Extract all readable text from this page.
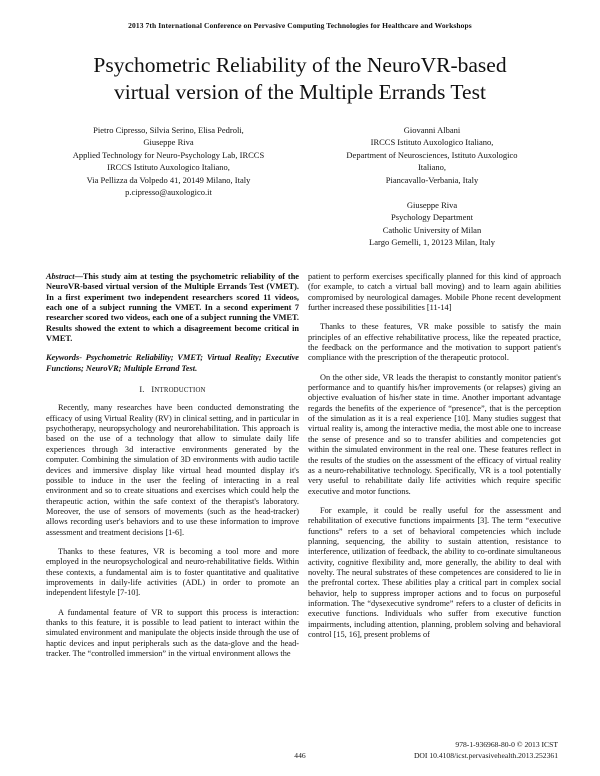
2013 7th International Conference on Pervasive Computing Technologies for Healthcare and Workshops
Psychometric Reliability of the NeuroVR-based
virtual version of the Multiple Errands Test
Pietro Cipresso, Silvia Serino, Elisa Pedroli,
Giuseppe Riva
Applied Technology for Neuro-Psychology Lab, IRCCS
IRCCS Istituto Auxologico Italiano,
Via Pellizza da Volpedo 41, 20149 Milano, Italy
p.cipresso@auxologico.it
Giovanni Albani
IRCCS Istituto Auxologico Italiano,
Department of Neurosciences, Istituto Auxologico
Italiano,
Piancavallo-Verbania, Italy
Giuseppe Riva
Psychology Department
Catholic University of Milan
Largo Gemelli, 1, 20123 Milan, Italy
Abstract—This study aim at testing the psychometric reliability of the NeuroVR-based virtual version of the Multiple Errands Test (VMET). In a first experiment two independent researchers scored 11 videos, each one of a subject running the VMET. In a second experiment 7 researcher scored two videos, each one of a subject running the VMET. Results showed the extent to which a disagreement become critical in VMET.
Keywords- Psychometric Reliability; VMET; Virtual Reality; Executive Functions; NeuroVR; Multiple Errand Test.
I. INTRODUCTION

Recently, many researches have been conducted demonstrating the efficacy of using Virtual Reality (RV) in clinical setting, and in particular in psychotherapy, neuropsychology and neurorehabilitation. This approach is based on the use of a technology that allow to simulate daily life experiences through 3d interactive environments generated by the computer. Combining the simulation of 3D environments with audio tactile devices and immersive display like virtual head mounted display it's possible to induce in the user the feeling of interacting in a real environment and so to create situations and exercises which could help the therapeutic action, within the safe context of the therapist's laboratory. Moreover, the use of sensors of movements (such as the head-tracker) allows recording user's behaviors and to use these information to improve assessment and treatment decisions [1-6].

Thanks to these features, VR is becoming a tool more and more employed in the neuropsychological and neuro-rehabilitative fields. Within these contexts, a fundamental aim is to foster quantitative and qualitative improvements in daily-life activities (ADL) in order to promote an independent lifestyle [7-10].

A fundamental feature of VR to support this process is interaction: thanks to this feature, it is possible to lead patient to interact within the simulated environment and manipulate the objects inside through the use of haptic devices and input peripherals such as the data-glove and the head-tracker. The “controlled immersion” in the virtual environment allows the

patient to perform exercises specifically planned for this kind of approach (for example, to catch a virtual ball moving) and to learn again abilities compromised by neurological damages. Mobile Phone recent development further increased these possibilities [11-14]

Thanks to these features, VR make possible to satisfy the main principles of an effective rehabilitative process, like the repeated practice, the feedback on the performance and the motivation to support patient's compliance with the prescription of the therapeutic protocol.

On the other side, VR leads the therapist to constantly monitor patient's performance and to quantify his/her improvements (or relapses) giving an objective evaluation of his/her state in time. Another important advantage regards the benefits of the experience of “presence”, that is the perception of the simulation as it is a real experience [10]. Many studies suggest that virtual reality is, among the interactive media, the most able one to increase the sense of presence and so to transfer abilities and competencies got within the simulated environment in the real one. These features reflect in the results of the studies on the assessment of the efficacy of virtual reality as a neuro-rehabilitative technology. Specifically, VR is a tool potentially very useful to rehabilitate daily life activities which require specific executive and motor functions.

For example, it could be really useful for the assessment and rehabilitation of executive functions impairments [3]. The term “executive functions” refers to a set of behavioral competencies which include planning, sequencing, the ability to sustain attention, resistance to interference, utilization of feedback, the ability to co-ordinate simultaneous activity, cognitive flexibility and, more generally, the ability to deal with novelty. The neural substrates of these competences are considered to lie in the prefrontal cortex. These abilities play a critical part in complex social behavior, help to suppress improper actions and to focus on purposeful information. The “dysexecutive syndrome” refers to a cluster of deficits in executive functions. Individuals who suffer from executive function impairments, including attention, planning, problem solving and behavioral control [15, 16], present problems of

978-1-936968-80-0 © 2013 ICST
DOI 10.4108/icst.pervasivehealth.2013.252361
446
